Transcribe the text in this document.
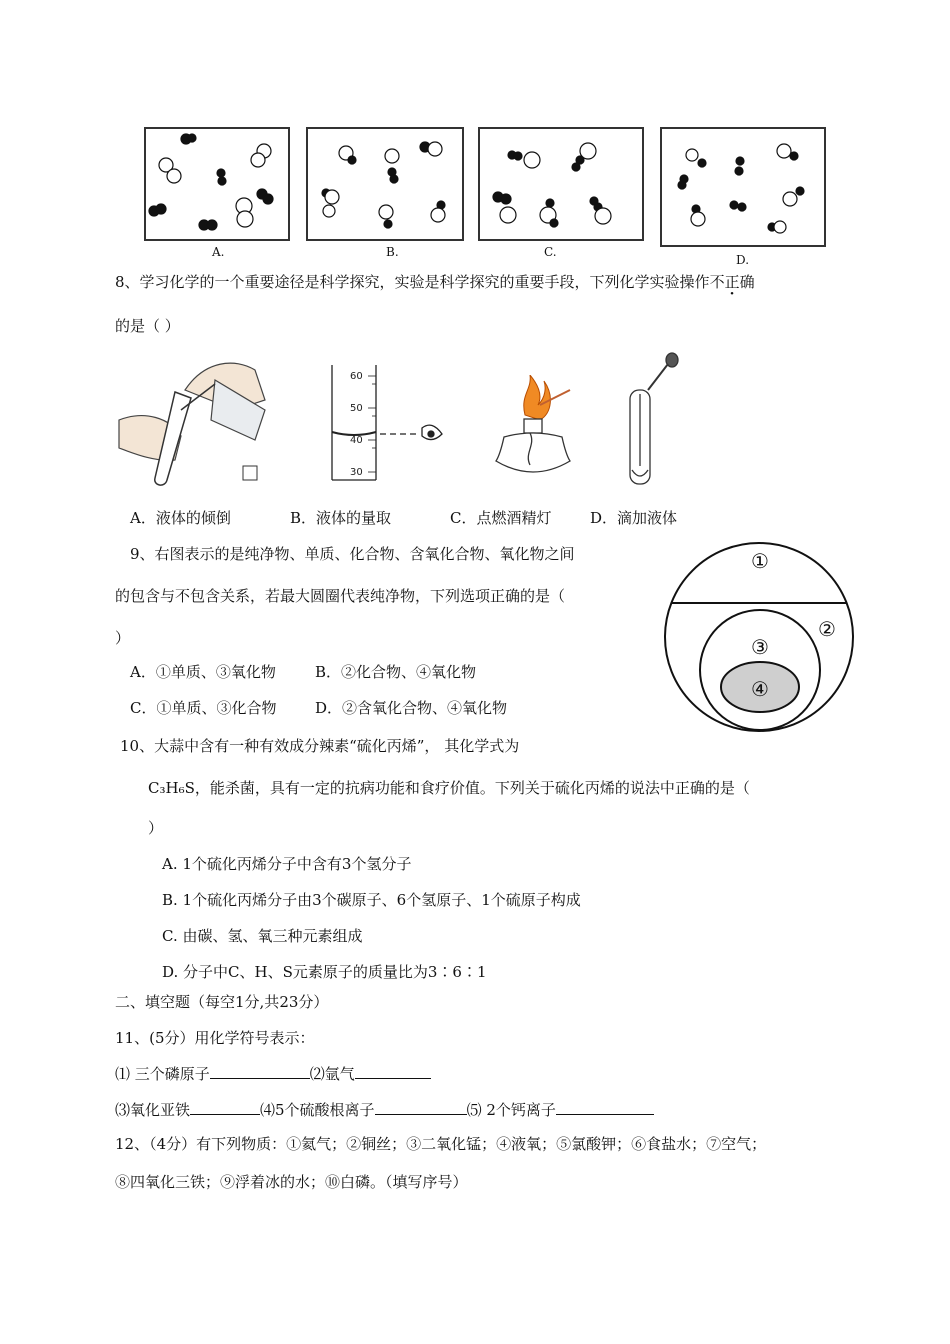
A.	B.	C.
D.
8、学习化学的一个重要途径是科学探究，实验是科学探究的重要手段，下列化学实验操作不正确
的是（ ）
60
50
40
30
A．液体的倾倒	B．液体的量取	C．点燃酒精灯	D．滴加液体
9、右图表示的是纯净物、单质、化合物、含氧化合物、氧化物之间
的包含与不包含关系，若最大圆圈代表纯净物，下列选项正确的是（
）
A．①单质、③氧化物	B．②化合物、④氧化物
C．①单质、③化合物	D．②含氧化合物、④氧化物
①
②
③
④
10、大蒜中含有一种有效成分辣素“硫化丙烯”， 其化学式为
C₃H₆S，能杀菌，具有一定的抗病功能和食疗价值。下列关于硫化丙烯的说法中正确的是（
）
A. 1个硫化丙烯分子中含有3个氢分子
B. 1个硫化丙烯分子由3个碳原子、6个氢原子、1个硫原子构成
C. 由碳、氢、氧三种元素组成
D. 分子中C、H、S元素原子的质量比为3∶6∶1
二、填空题（每空1分,共23分）
11、(5分）用化学符号表示：
⑴ 三个磷原子	⑵氩气
⑶氧化亚铁	⑷5个硫酸根离子	⑸ 2个钙离子
12、（4分）有下列物质：①氦气；②铜丝；③二氧化锰；④液氧；⑤氯酸钾；⑥食盐水；⑦空气；
⑧四氧化三铁；⑨浮着冰的水；⑩白磷。（填写序号）
